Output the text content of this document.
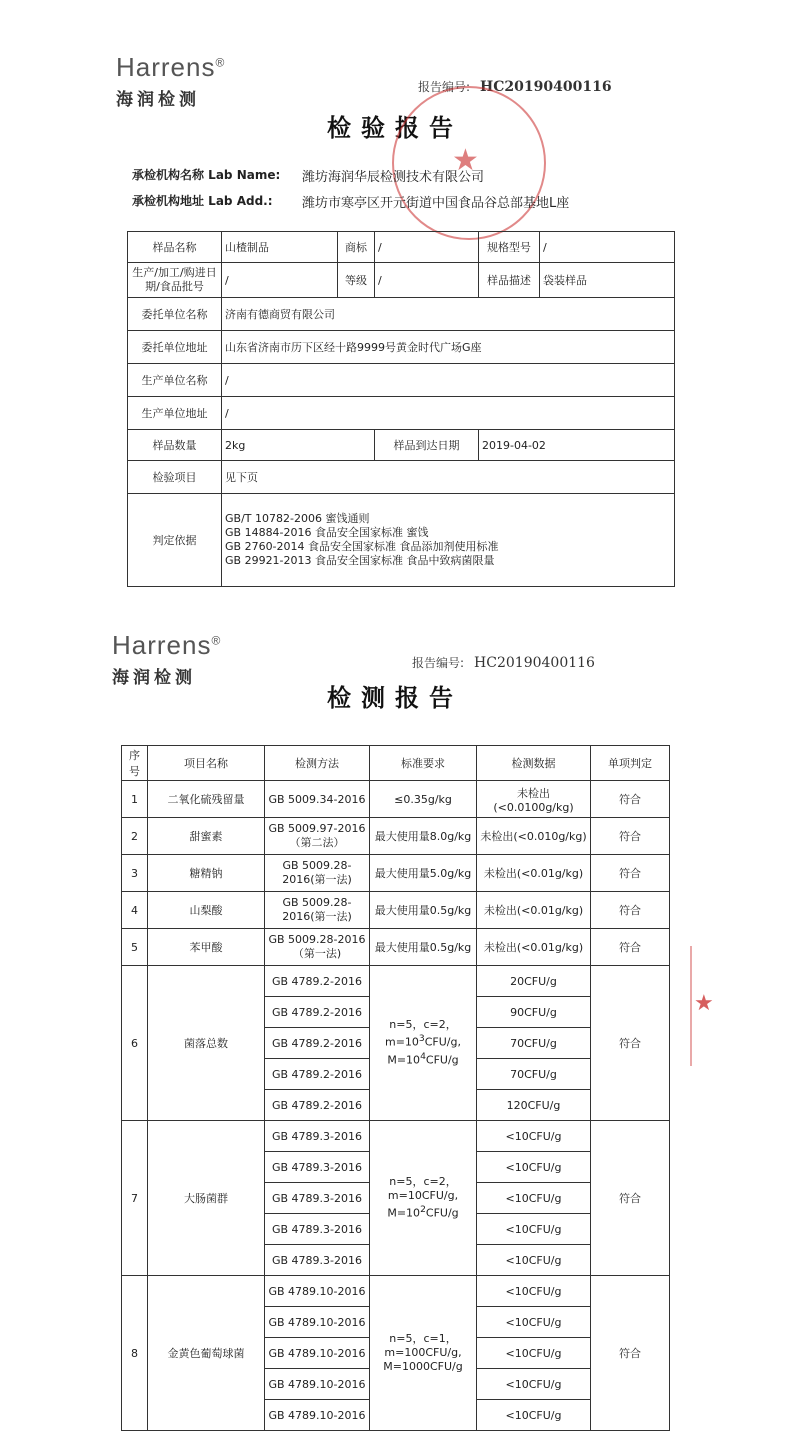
Harrens®
海润检测
报告编号: HC20190400116
检验报告
★
承检机构名称 Lab Name: 潍坊海润华辰检测技术有限公司
承检机构地址 Lab Add.: 潍坊市寒亭区开元街道中国食品谷总部基地L座
样品名称	山楂制品	商标	/	规格型号	/
生产/加工/购进日期/食品批号	/	等级	/	样品描述	袋装样品
委托单位名称	济南有德商贸有限公司				
委托单位地址	山东省济南市历下区经十路9999号黄金时代广场G座				
生产单位名称	/				
生产单位地址	/				
样品数量	2kg		样品到达日期	2019-04-02	
检验项目	见下页				
判定依据	GB/T 10782-2006 蜜饯通则
GB 14884-2016 食品安全国家标准 蜜饯
GB 2760-2014 食品安全国家标准 食品添加剂使用标准
GB 29921-2013 食品安全国家标准 食品中致病菌限量				
Harrens®
海润检测
报告编号: HC20190400116
检测报告
序号	项目名称	检测方法	标准要求	检测数据	单项判定
1	二氧化硫残留量	GB 5009.34-2016	≤0.35g/kg	未检出(<0.0100g/kg)	符合
2	甜蜜素	GB 5009.97-2016（第二法）	最大使用量8.0g/kg	未检出(<0.010g/kg)	符合
3	糖精钠	GB 5009.28-2016(第一法)	最大使用量5.0g/kg	未检出(<0.01g/kg)	符合
4	山梨酸	GB 5009.28-2016(第一法)	最大使用量0.5g/kg	未检出(<0.01g/kg)	符合
5	苯甲酸	GB 5009.28-2016（第一法)	最大使用量0.5g/kg	未检出(<0.01g/kg)	符合
6	菌落总数	GB 4789.2-2016	n=5，c=2，
$m=10^3CFU/g$,
$M=10^4CFU/g$	20CFU/g	符合
		GB 4789.2-2016		90CFU/g	
		GB 4789.2-2016		70CFU/g	
		GB 4789.2-2016		70CFU/g	
		GB 4789.2-2016		120CFU/g	
7	大肠菌群	GB 4789.3-2016	n=5，c=2，
m=10CFU/g,
$M=10^2CFU/g$	<10CFU/g	符合
		GB 4789.3-2016		<10CFU/g	
		GB 4789.3-2016		<10CFU/g	
		GB 4789.3-2016		<10CFU/g	
		GB 4789.3-2016		<10CFU/g	
8	金黄色葡萄球菌	GB 4789.10-2016	n=5，c=1，
m=100CFU/g,
M=1000CFU/g	<10CFU/g	符合
		GB 4789.10-2016		<10CFU/g	
		GB 4789.10-2016		<10CFU/g	
		GB 4789.10-2016		<10CFU/g	
		GB 4789.10-2016		<10CFU/g	
★
